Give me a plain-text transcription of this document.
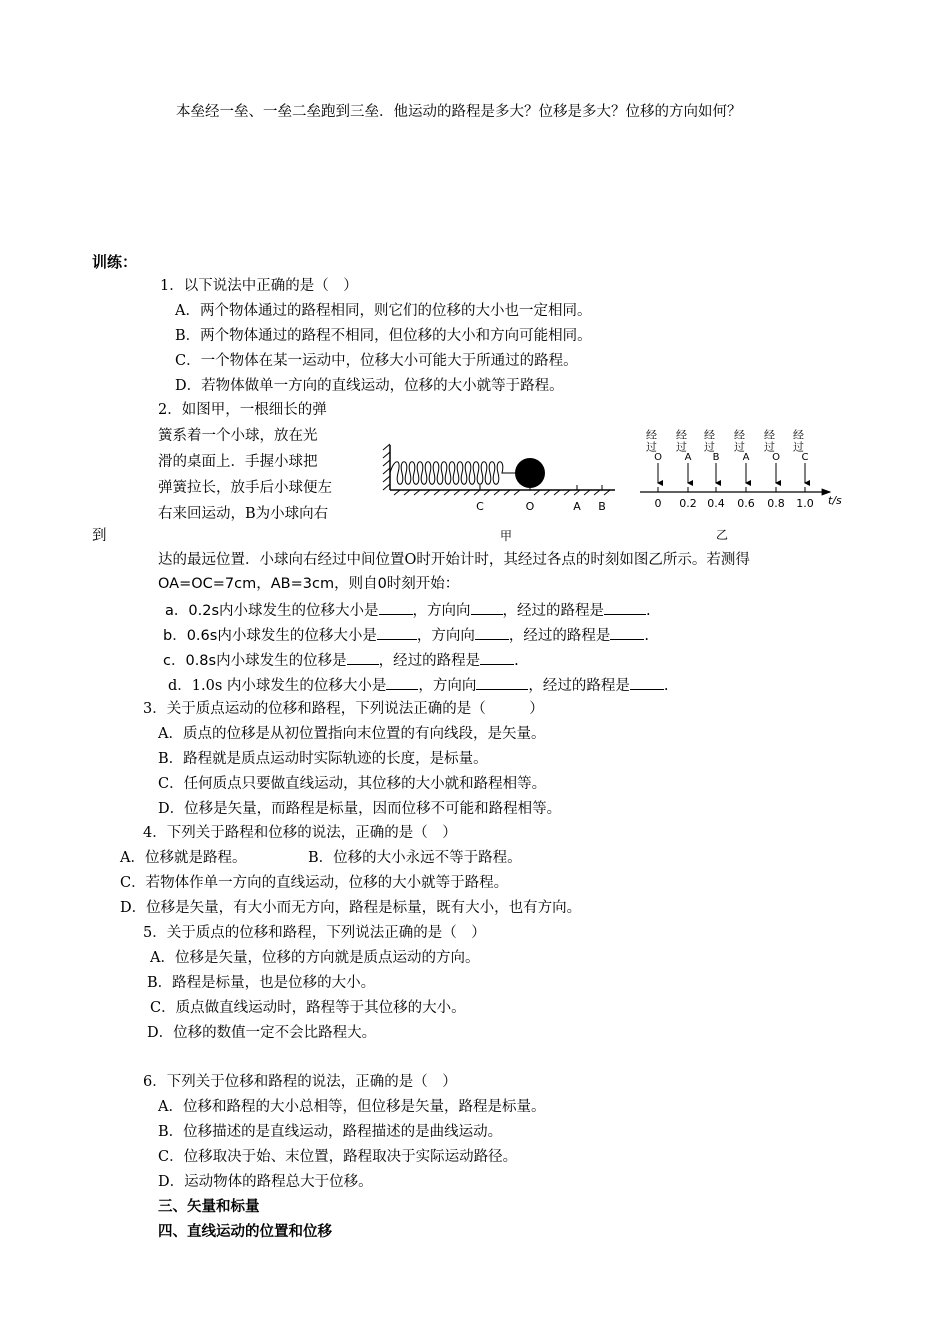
本垒经一垒、一垒二垒跑到三垒．他运动的路程是多大？位移是多大？位移的方向如何？
训练：
1．以下说法中正确的是（　）
A．两个物体通过的路程相同，则它们的位移的大小也一定相同。
B．两个物体通过的路程不相同，但位移的大小和方向可能相同。
C．一个物体在某一运动中，位移大小可能大于所通过的路程。
D．若物体做单一方向的直线运动，位移的大小就等于路程。
2．如图甲，一根细长的弹
簧系着一个小球，放在光
滑的桌面上．手握小球把
弹簧拉长，放手后小球便左
右来回运动，B为小球向右
到
C	O	A B
甲
经过
O
经过
A
经过
B
经过
A
经过
O
经过
C
0 0.2 0.4 0.6 0.8 1.0 t/s
乙
达的最远位置．小球向右经过中间位置O时开始计时，其经过各点的时刻如图乙所示。若测得
OA=OC=7cm，AB=3cm，则自0时刻开始：
a．0.2s内小球发生的位移大小是 ，方向向 ，经过的路程是	.
b．0.6s内小球发生的位移大小是	，方向向 ，经过的路程是 .
c．0.8s内小球发生的位移是 ，经过的路程是 .
d．1.0s 内小球发生的位移大小是 ，方向向	，经过的路程是 .
3．关于质点运动的位移和路程，下列说法正确的是（　　　）
A．质点的位移是从初位置指向末位置的有向线段，是矢量。
B．路程就是质点运动时实际轨迹的长度，是标量。
C．任何质点只要做直线运动，其位移的大小就和路程相等。
D．位移是矢量，而路程是标量，因而位移不可能和路程相等。
4．下列关于路程和位移的说法，正确的是（　）
A．位移就是路程。	B．位移的大小永远不等于路程。
C．若物体作单一方向的直线运动，位移的大小就等于路程。
D．位移是矢量，有大小而无方向，路程是标量，既有大小，也有方向。
5．关于质点的位移和路程，下列说法正确的是（　）
A．位移是矢量，位移的方向就是质点运动的方向。
B．路程是标量，也是位移的大小。
C．质点做直线运动时，路程等于其位移的大小。
D．位移的数值一定不会比路程大。
6．下列关于位移和路程的说法，正确的是（　）
A．位移和路程的大小总相等，但位移是矢量，路程是标量。
B．位移描述的是直线运动，路程描述的是曲线运动。
C．位移取决于始、末位置，路程取决于实际运动路径。
D．运动物体的路程总大于位移。
三、矢量和标量
四、直线运动的位置和位移
